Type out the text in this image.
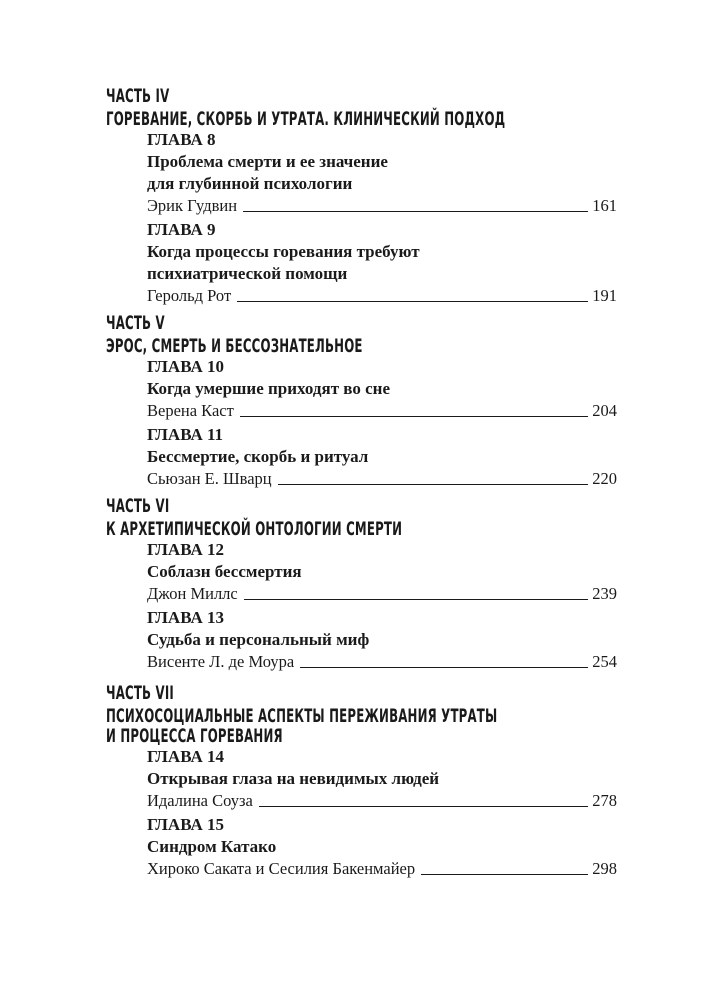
ЧАСТЬ IV
ГОРЕВАНИЕ, СКОРБЬ И УТРАТА. КЛИНИЧЕСКИЙ ПОДХОД
ГЛАВА 8
Проблема смерти и ее значение
для глубинной психологии
Эрик Гудвин	161
ГЛАВА 9
Когда процессы горевания требуют
психиатрической помощи
Герольд Рот	191
ЧАСТЬ V
ЭРОС, СМЕРТЬ И БЕССОЗНАТЕЛЬНОЕ
ГЛАВА 10
Когда умершие приходят во сне
Верена Каст	204
ГЛАВА 11
Бессмертие, скорбь и ритуал
Сьюзан Е. Шварц	220
ЧАСТЬ VI
К АРХЕТИПИЧЕСКОЙ ОНТОЛОГИИ СМЕРТИ
ГЛАВА 12
Соблазн бессмертия
Джон Миллс	239
ГЛАВА 13
Судьба и персональный миф
Висенте Л. де Моура	254
ЧАСТЬ VII
ПСИХОСОЦИАЛЬНЫЕ АСПЕКТЫ ПЕРЕЖИВАНИЯ УТРАТЫ
И ПРОЦЕССА ГОРЕВАНИЯ
ГЛАВА 14
Открывая глаза на невидимых людей
Идалина Соуза	278
ГЛАВА 15
Синдром Катако
Хироко Саката и Сесилия Бакенмайер	298
